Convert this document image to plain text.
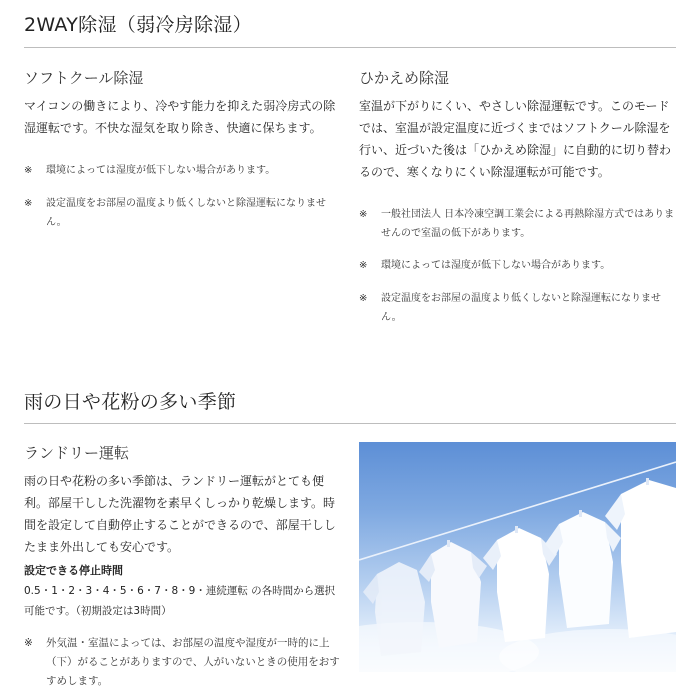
2WAY除湿（弱冷房除湿）
ソフトクール除湿
マイコンの働きにより、冷やす能力を抑えた弱冷房式の除湿運転です。不快な湿気を取り除き、快適に保ちます。
※ 環境によっては湿度が低下しない場合があります。
※ 設定温度をお部屋の温度より低くしないと除湿運転になりません。
ひかえめ除湿
室温が下がりにくい、やさしい除湿運転です。このモードでは、室温が設定温度に近づくまではソフトクール除湿を行い、近づいた後は「ひかえめ除湿」に自動的に切り替わるので、寒くなりにくい除湿運転が可能です。
※ 一般社団法人 日本冷凍空調工業会による再熱除湿方式ではありませんので室温の低下があります。
※ 環境によっては湿度が低下しない場合があります。
※ 設定温度をお部屋の温度より低くしないと除湿運転になりません。
雨の日や花粉の多い季節
ランドリー運転
雨の日や花粉の多い季節は、ランドリー運転がとても便利。部屋干しした洗濯物を素早くしっかり乾燥します。時間を設定して自動停止することができるので、部屋干ししたまま外出しても安心です。
設定できる停止時間
0.5・1・2・3・4・5・6・7・8・9・連続運転 の各時間から選択可能です。（初期設定は3時間）
※ 外気温・室温によっては、お部屋の温度や湿度が一時的に上（下）がることがありますので、人がいないときの使用をおすすめします。
